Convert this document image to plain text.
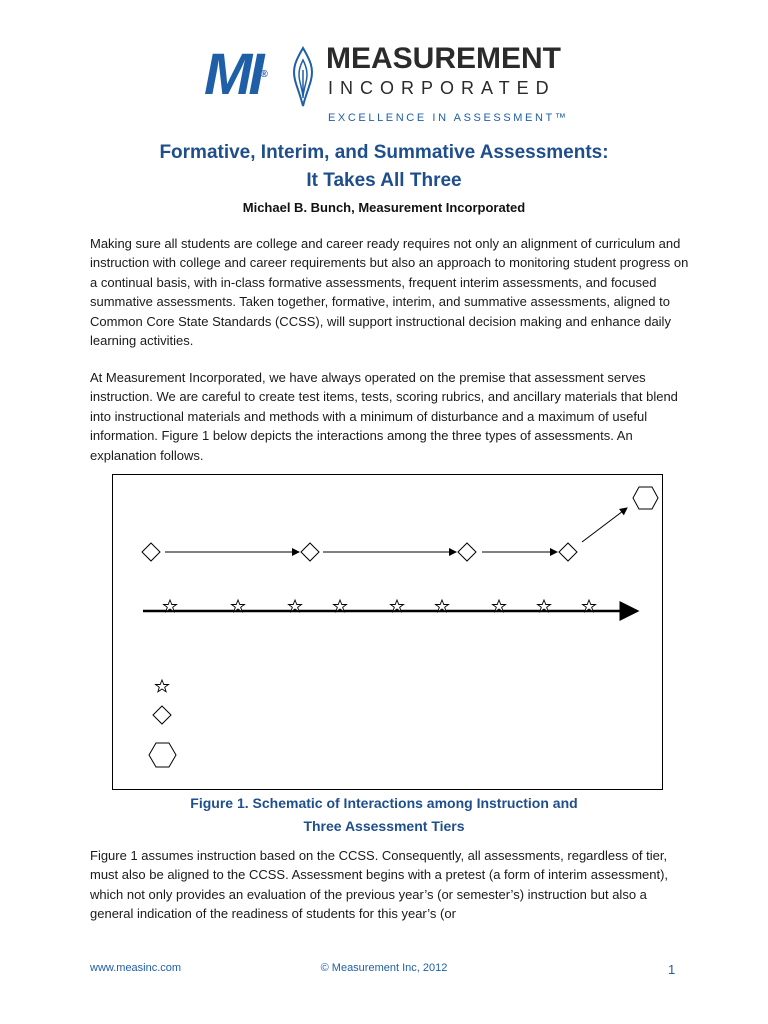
MI® MEASUREMENT
INCORPORATED
EXCELLENCE IN ASSESSMENT™
Formative, Interim, and Summative Assessments:
It Takes All Three
Michael B. Bunch, Measurement Incorporated
Making sure all students are college and career ready requires not only an alignment of curriculum and instruction with college and career requirements but also an approach to monitoring student progress on a continual basis, with in-class formative assessments, frequent interim assessments, and focused summative assessments. Taken together, formative, interim, and summative assessments, aligned to Common Core State Standards (CCSS), will support instructional decision making and enhance daily learning activities.
At Measurement Incorporated, we have always operated on the premise that assessment serves instruction. We are careful to create test items, tests, scoring rubrics, and ancillary materials that blend into instructional materials and methods with a minimum of disturbance and a maximum of useful information. Figure 1 below depicts the interactions among the three types of assessments. An explanation follows.
Figure 1. Schematic of Interactions among Instruction and
Three Assessment Tiers
Figure 1 assumes instruction based on the CCSS. Consequently, all assessments, regardless of tier, must also be aligned to the CCSS. Assessment begins with a pretest (a form of interim assessment), which not only provides an evaluation of the previous year’s (or semester’s) instruction but also a general indication of the readiness of students for this year’s (or
www.measinc.com	© Measurement Inc, 2012	1
